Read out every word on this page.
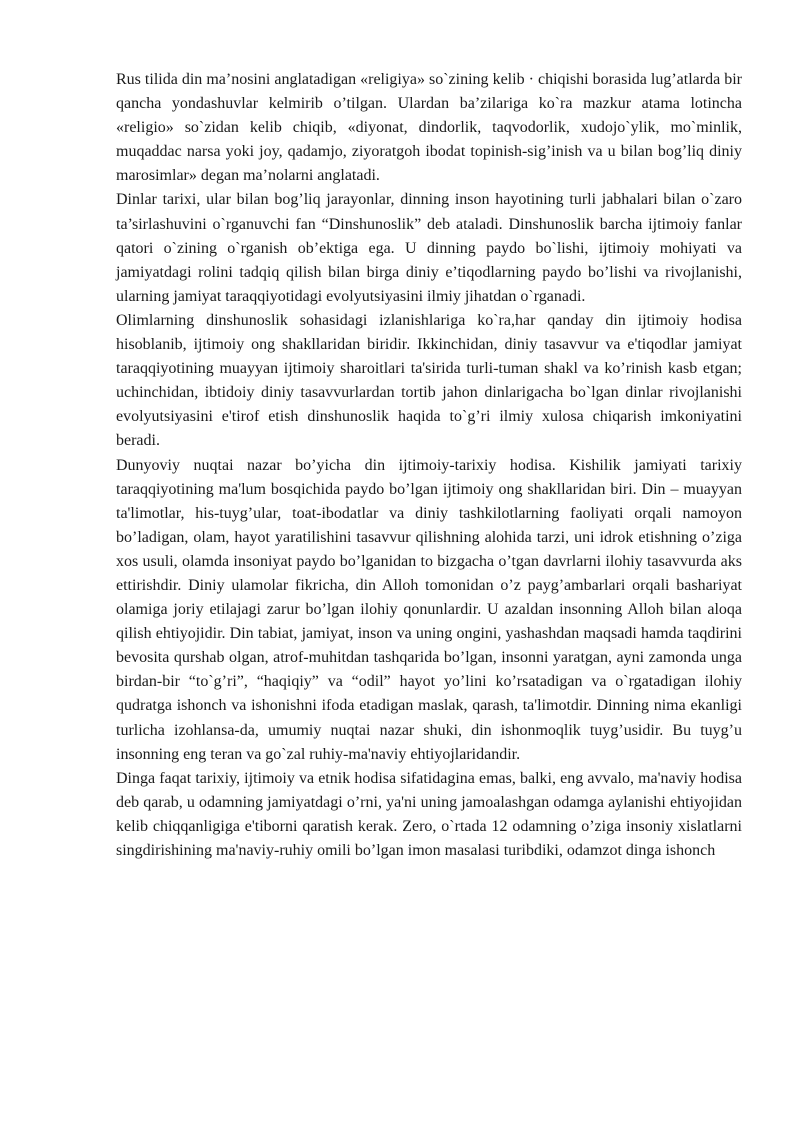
Rus tilida din ma’nosini anglatadigan «religiya» so`zining kelib · chiqishi borasida lug’atlarda bir qancha yondashuvlar kelmirib o’tilgan. Ulardan ba’zilariga ko`ra mazkur atama lotincha «religio» so`zidan kelib chiqib, «diyonat, dindorlik, taqvodorlik, xudojo`ylik, mo`minlik, muqaddac narsa yoki joy, qadamjo, ziyoratgoh ibodat topinish-sig’inish va u bilan bog’liq diniy marosimlar» degan ma’nolarni anglatadi.

Dinlar tarixi, ular bilan bog’liq jarayonlar, dinning inson hayotining turli jabhalari bilan o`zaro ta’sirlashuvini o`rganuvchi fan “Dinshunoslik” deb ataladi. Dinshunoslik barcha ijtimoiy fanlar qatori o`zining o`rganish ob’ektiga ega. U dinning paydo bo`lishi, ijtimoiy mohiyati va jamiyatdagi rolini tadqiq qilish bilan birga diniy e’tiqodlarning paydo bo’lishi va rivojlanishi, ularning jamiyat taraqqiyotidagi evolyutsiyasini ilmiy jihatdan o`rganadi.

Olimlarning dinshunoslik sohasidagi izlanishlariga ko`ra,har qanday din ijtimoiy hodisa hisoblanib, ijtimoiy ong shakllaridan biridir. Ikkinchidan, diniy tasavvur va e'tiqodlar jamiyat taraqqiyotining muayyan ijtimoiy sharoitlari ta'sirida turli-tuman shakl va ko’rinish kasb etgan; uchinchidan, ibtidoiy diniy tasavvurlardan tortib jahon dinlarigacha bo`lgan dinlar rivojlanishi evolyutsiyasini e'tirof etish dinshunoslik haqida to`g’ri ilmiy xulosa chiqarish imkoniyatini beradi.

Dunyoviy nuqtai nazar bo’yicha din ijtimoiy-tarixiy hodisa. Kishilik jamiyati tarixiy taraqqiyotining ma'lum bosqichida paydo bo’lgan ijtimoiy ong shakllaridan biri. Din – muayyan ta'limotlar, his-tuyg’ular, toat-ibodatlar va diniy tashkilotlarning faoliyati orqali namoyon bo’ladigan, olam, hayot yaratilishini tasavvur qilishning alohida tarzi, uni idrok etishning o’ziga xos usuli, olamda insoniyat paydo bo’lganidan to bizgacha o’tgan davrlarni ilohiy tasavvurda aks ettirishdir. Diniy ulamolar fikricha, din Alloh tomonidan o’z payg’ambarlari orqali bashariyat olamiga joriy etilajagi zarur bo’lgan ilohiy qonunlardir. U azaldan insonning Alloh bilan aloqa qilish ehtiyojidir. Din tabiat, jamiyat, inson va uning ongini, yashashdan maqsadi hamda taqdirini bevosita qurshab olgan, atrof-muhitdan tashqarida bo’lgan, insonni yaratgan, ayni zamonda unga birdan-bir “to`g’ri”, “haqiqiy” va “odil” hayot yo’lini ko’rsatadigan va o`rgatadigan ilohiy qudratga ishonch va ishonishni ifoda etadigan maslak, qarash, ta'limotdir. Dinning nima ekanligi turlicha izohlansa-da, umumiy nuqtai nazar shuki, din ishonmoqlik tuyg’usidir. Bu tuyg’u insonning eng teran va go`zal ruhiy-ma'naviy ehtiyojlaridandir.

Dinga faqat tarixiy, ijtimoiy va etnik hodisa sifatidagina emas, balki, eng avvalo, ma'naviy hodisa deb qarab, u odamning jamiyatdagi o’rni, ya'ni uning jamoalashgan odamga aylanishi ehtiyojidan kelib chiqqanligiga e'tiborni qaratish kerak. Zero, o`rtada 12 odamning o’ziga insoniy xislatlarni singdirishining ma'naviy-ruhiy omili bo’lgan imon masalasi turibdiki, odamzot dinga ishonch
